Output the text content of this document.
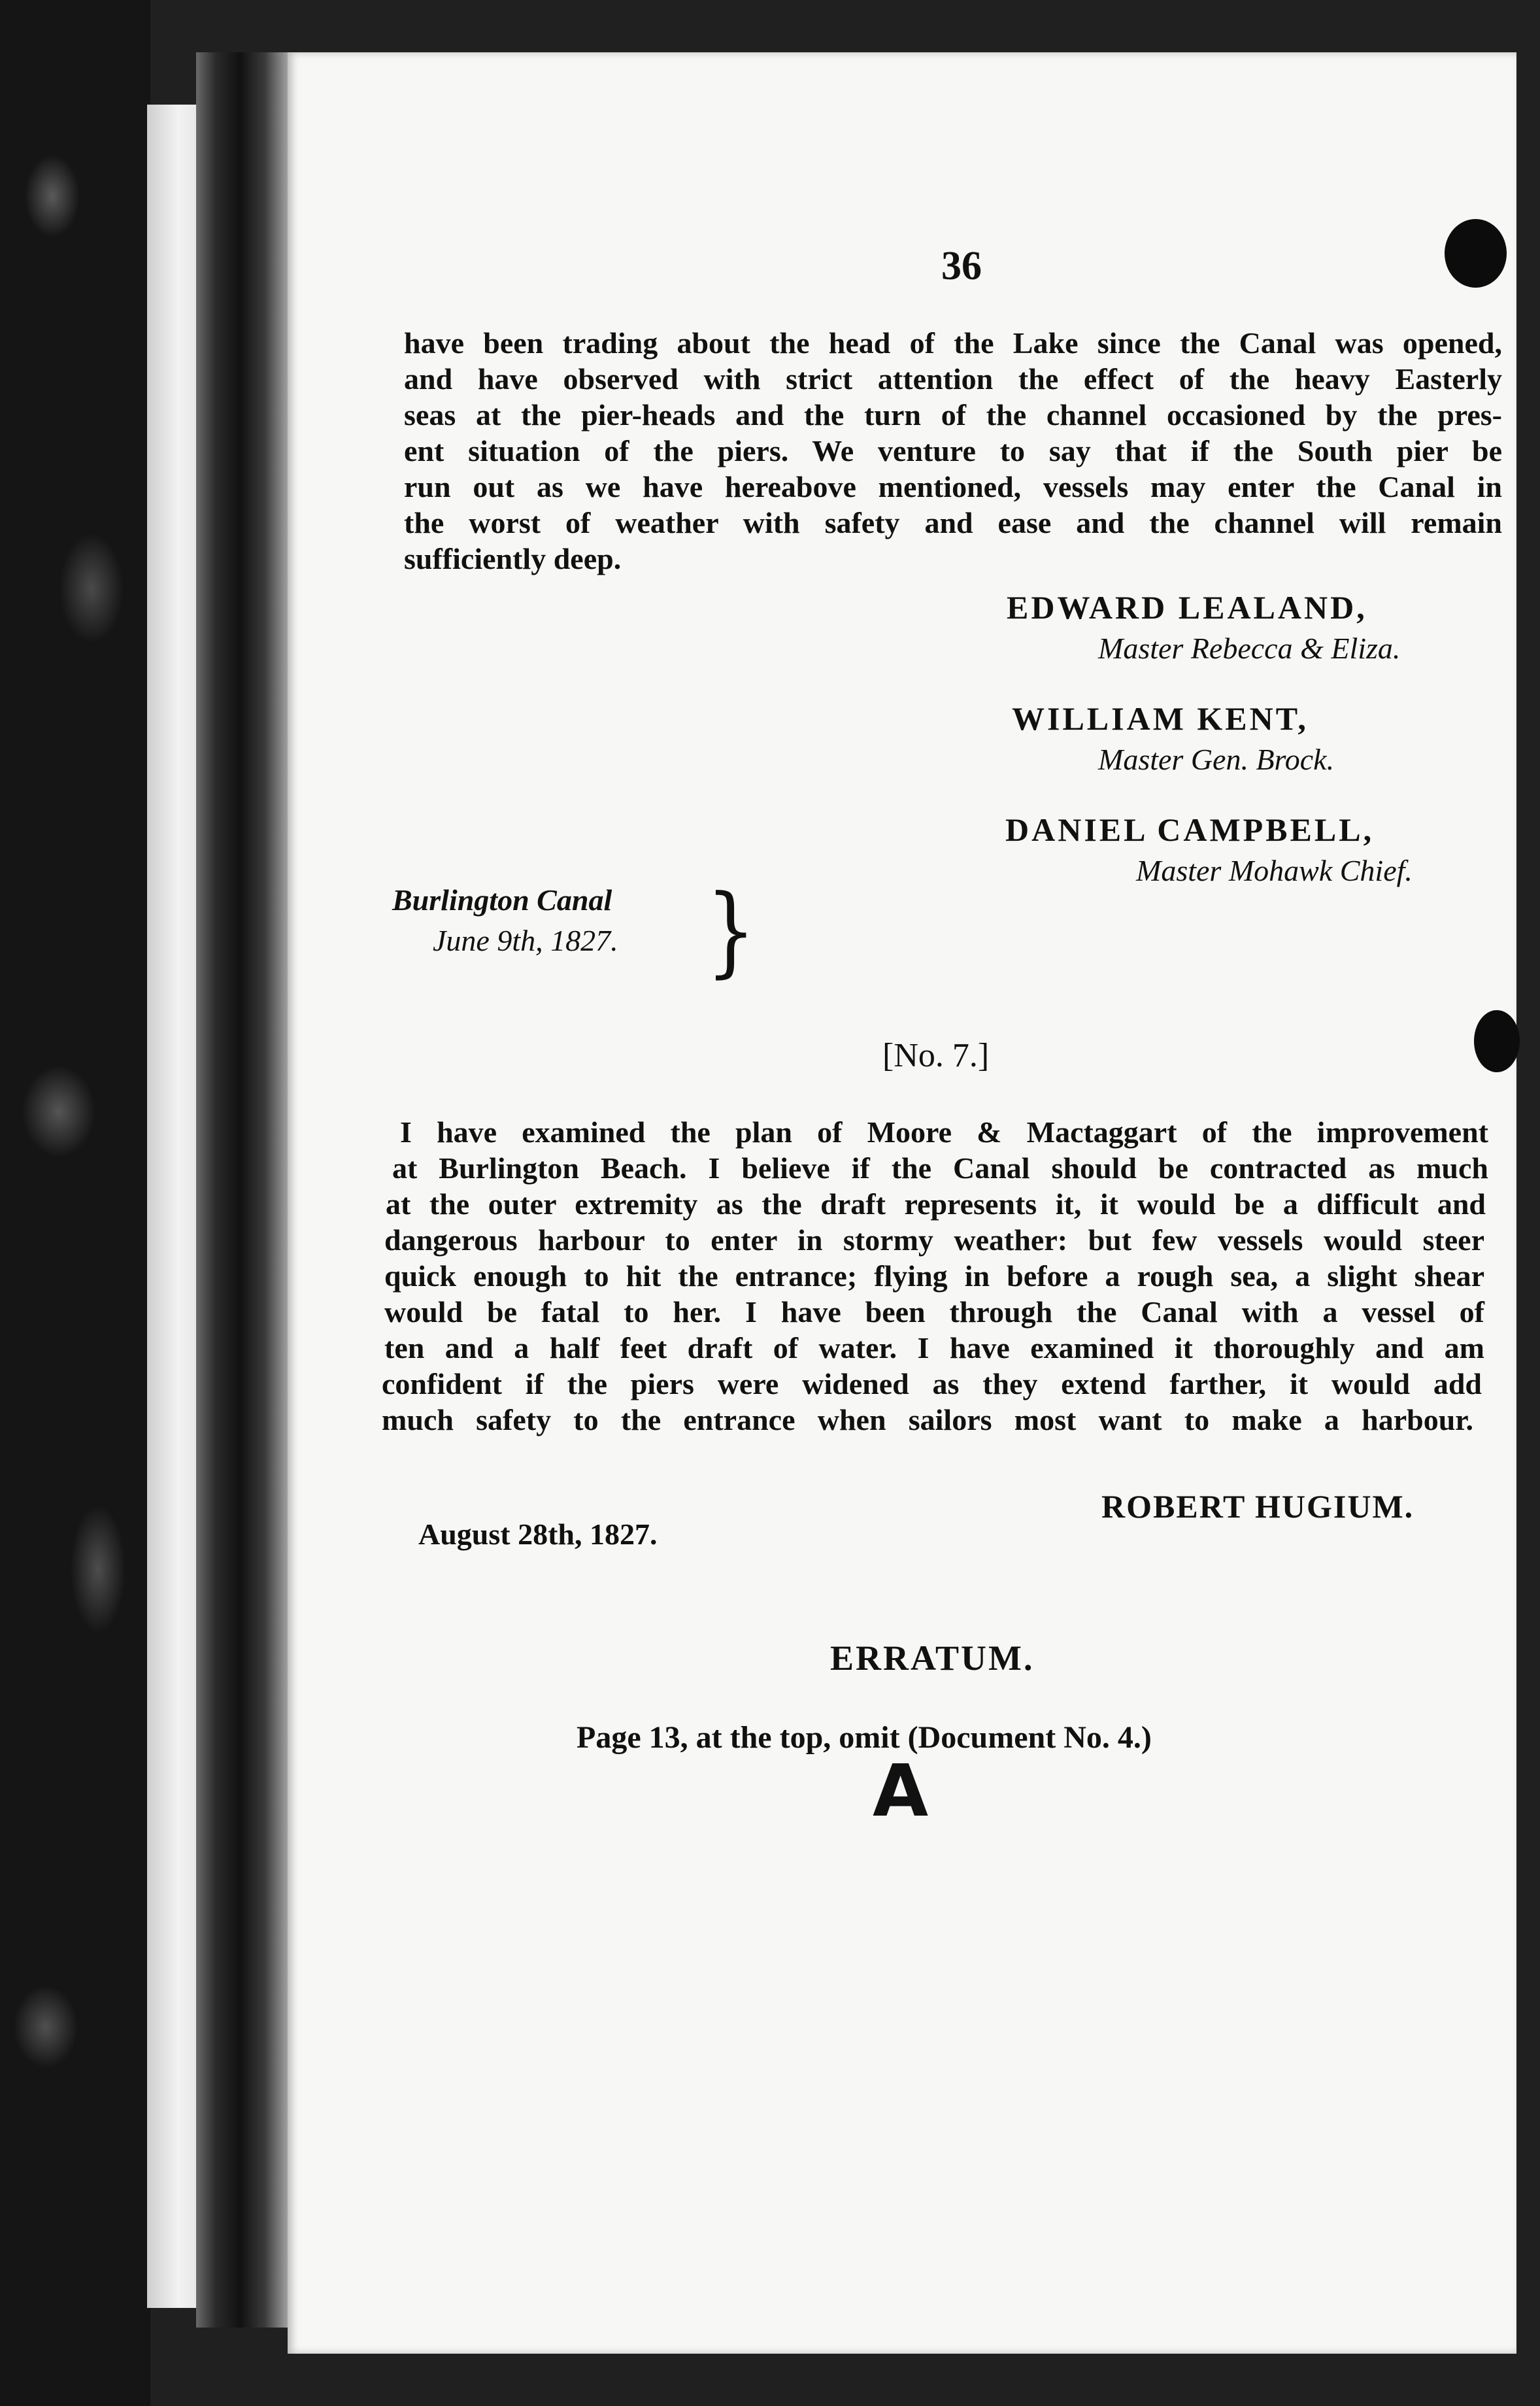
36
have been trading about the head of the Lake since the Canal was opened,
and have observed with strict attention the effect of the heavy Easterly
seas at the pier-heads and the turn of the channel occasioned by the pres-
ent situation of the piers. We venture to say that if the South pier be
run out as we have hereabove mentioned, vessels may enter the Canal in
the worst of weather with safety and ease and the channel will remain
sufficiently deep.
EDWARD LEALAND,
Master Rebecca & Eliza.
WILLIAM KENT,
Master Gen. Brock.
DANIEL CAMPBELL,
Master Mohawk Chief.
Burlington Canal
June 9th, 1827. }
[No. 7.]
I have examined the plan of Moore & Mactaggart of the improvement
at Burlington Beach. I believe if the Canal should be contracted as much
at the outer extremity as the draft represents it, it would be a difficult and
dangerous harbour to enter in stormy weather: but few vessels would steer
quick enough to hit the entrance; flying in before a rough sea, a slight shear
would be fatal to her. I have been through the Canal with a vessel of
ten and a half feet draft of water. I have examined it thoroughly and am
confident if the piers were widened as they extend farther, it would add
much safety to the entrance when sailors most want to make a harbour.
ROBERT HUGIUM.
August 28th, 1827.
ERRATUM.
Page 13, at the top, omit (Document No. 4.)
A
